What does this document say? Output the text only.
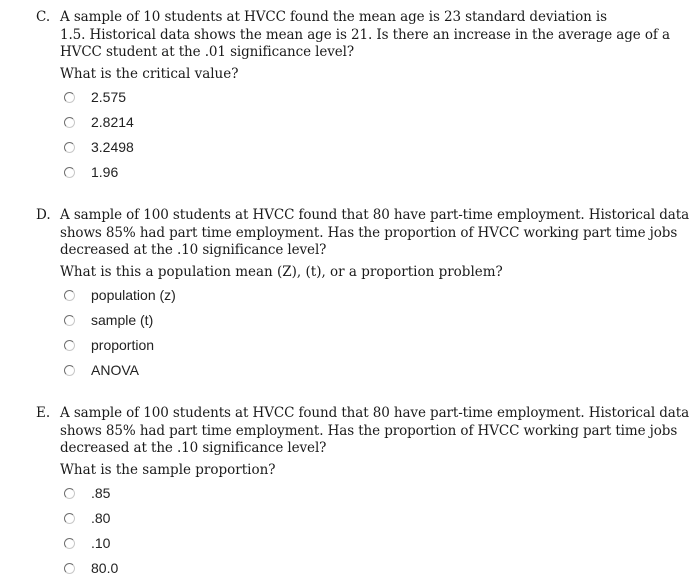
C. A sample of 10 students at HVCC found the mean age is 23 standard deviation is
1.5. Historical data shows the mean age is 21. Is there an increase in the average age of a
HVCC student at the .01 significance level?
What is the critical value?
2.575
2.8214
3.2498
1.96
D. A sample of 100 students at HVCC found that 80 have part-time employment. Historical data
shows 85% had part time employment. Has the proportion of HVCC working part time jobs
decreased at the .10 significance level?
What is this a population mean (Z), (t), or a proportion problem?
population (z)
sample (t)
proportion
ANOVA
E. A sample of 100 students at HVCC found that 80 have part-time employment. Historical data
shows 85% had part time employment. Has the proportion of HVCC working part time jobs
decreased at the .10 significance level?
What is the sample proportion?
.85
.80
.10
80.0
